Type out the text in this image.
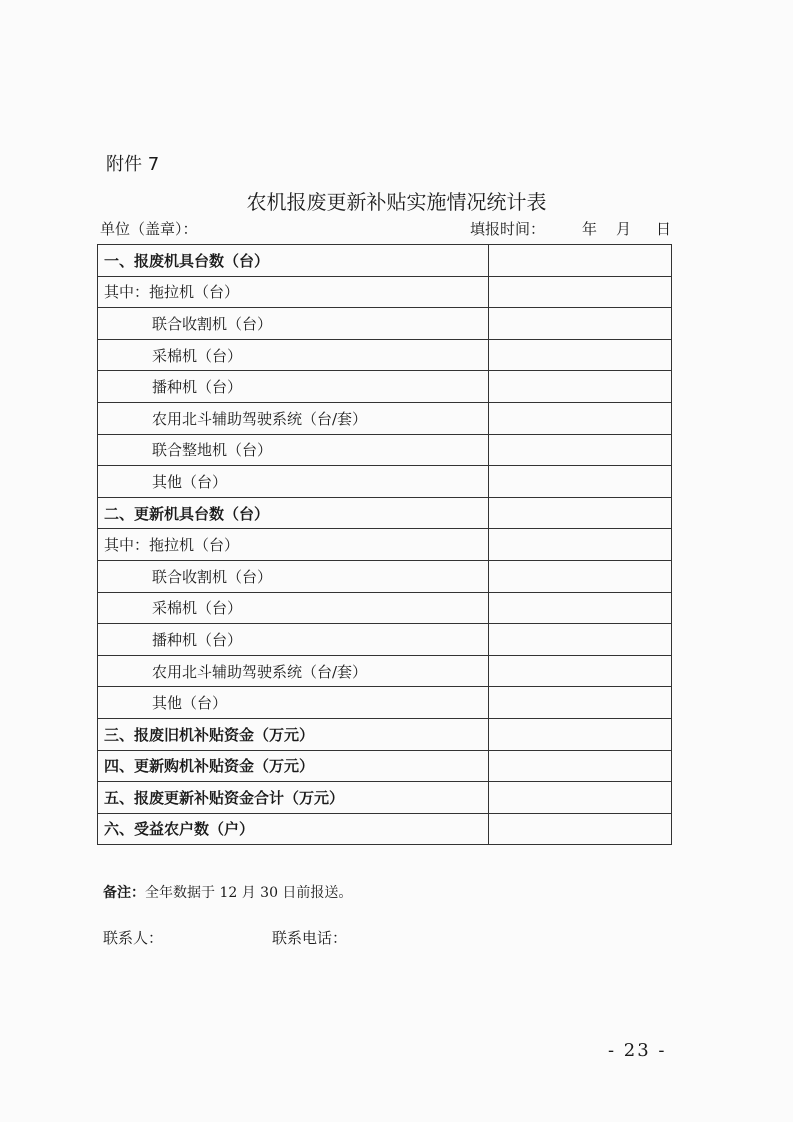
附件 7
农机报废更新补贴实施情况统计表
单位（盖章）：	填报时间： 年 月 日
一、报废机具台数（台）	
其中：拖拉机（台）	
联合收割机（台）	
采棉机（台）	
播种机（台）	
农用北斗辅助驾驶系统（台/套）	
联合整地机（台）	
其他（台）	
二、更新机具台数（台）	
其中：拖拉机（台）	
联合收割机（台）	
采棉机（台）	
播种机（台）	
农用北斗辅助驾驶系统（台/套）	
其他（台）	
三、报废旧机补贴资金（万元）	
四、更新购机补贴资金（万元）	
五、报废更新补贴资金合计（万元）	
六、受益农户数（户）	
备注：全年数据于 12 月 30 日前报送。
联系人：	联系电话：
- 23 -
